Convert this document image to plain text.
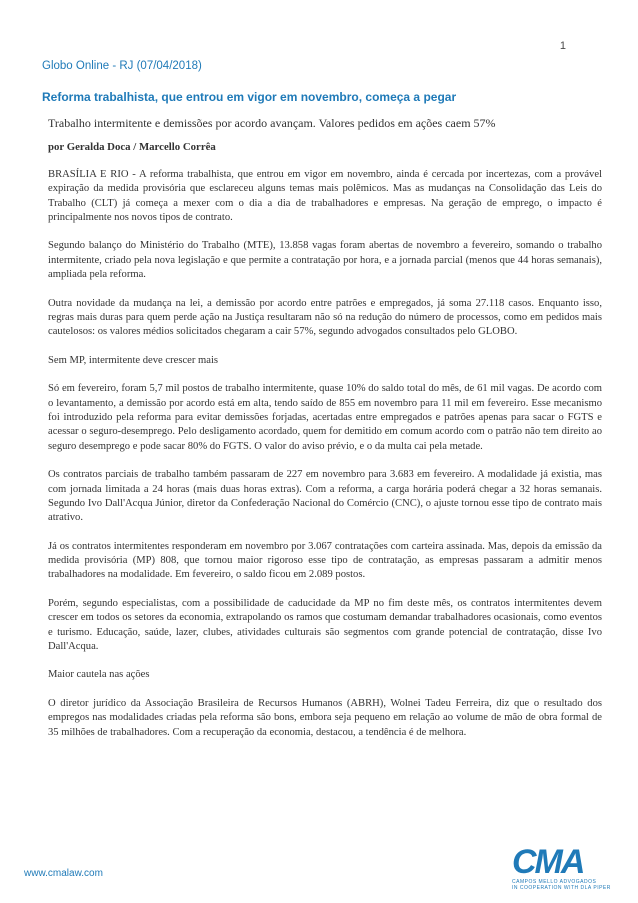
1
Globo Online - RJ (07/04/2018)
Reforma trabalhista, que entrou em vigor em novembro, começa a pegar
Trabalho intermitente e demissões por acordo avançam. Valores pedidos em ações caem 57%
por Geralda Doca / Marcello Corrêa

BRASÍLIA E RIO - A reforma trabalhista, que entrou em vigor em novembro, ainda é cercada por incertezas, com a provável expiração da medida provisória que esclareceu alguns temas mais polêmicos. Mas as mudanças na Consolidação das Leis do Trabalho (CLT) já começa a mexer com o dia a dia de trabalhadores e empresas. Na geração de emprego, o impacto é principalmente nos novos tipos de contrato.

Segundo balanço do Ministério do Trabalho (MTE), 13.858 vagas foram abertas de novembro a fevereiro, somando o trabalho intermitente, criado pela nova legislação e que permite a contratação por hora, e a jornada parcial (menos que 44 horas semanais), ampliada pela reforma.

Outra novidade da mudança na lei, a demissão por acordo entre patrões e empregados, já soma 27.118 casos. Enquanto isso, regras mais duras para quem perde ação na Justiça resultaram não só na redução do número de processos, como em pedidos mais cautelosos: os valores médios solicitados chegaram a cair 57%, segundo advogados consultados pelo GLOBO.

Sem MP, intermitente deve crescer mais

Só em fevereiro, foram 5,7 mil postos de trabalho intermitente, quase 10% do saldo total do mês, de 61 mil vagas. De acordo com o levantamento, a demissão por acordo está em alta, tendo saído de 855 em novembro para 11 mil em fevereiro. Esse mecanismo foi introduzido pela reforma para evitar demissões forjadas, acertadas entre empregados e patrões apenas para sacar o FGTS e acessar o seguro-desemprego. Pelo desligamento acordado, quem for demitido em comum acordo com o patrão não tem direito ao seguro desemprego e pode sacar 80% do FGTS. O valor do aviso prévio, e o da multa cai pela metade.

Os contratos parciais de trabalho também passaram de 227 em novembro para 3.683 em fevereiro. A modalidade já existia, mas com jornada limitada a 24 horas (mais duas horas extras). Com a reforma, a carga horária poderá chegar a 32 horas semanais. Segundo Ivo Dall'Acqua Júnior, diretor da Confederação Nacional do Comércio (CNC), o ajuste tornou esse tipo de contrato mais atrativo.

Já os contratos intermitentes responderam em novembro por 3.067 contratações com carteira assinada. Mas, depois da emissão da medida provisória (MP) 808, que tornou maior rigoroso esse tipo de contratação, as empresas passaram a admitir menos trabalhadores na modalidade. Em fevereiro, o saldo ficou em 2.089 postos.

Porém, segundo especialistas, com a possibilidade de caducidade da MP no fim deste mês, os contratos intermitentes devem crescer em todos os setores da economia, extrapolando os ramos que costumam demandar trabalhadores ocasionais, como eventos e turismo. Educação, saúde, lazer, clubes, atividades culturais são segmentos com grande potencial de contratação, disse Ivo Dall'Acqua.

Maior cautela nas ações

O diretor jurídico da Associação Brasileira de Recursos Humanos (ABRH), Wolnei Tadeu Ferreira, diz que o resultado dos empregos nas modalidades criadas pela reforma são bons, embora seja pequeno em relação ao volume de mão de obra formal de 35 milhões de trabalhadores. Com a recuperação da economia, destacou, a tendência é de melhora.

www.cmalaw.com	CMA
CAMPOS MELLO ADVOGADOS
IN COOPERATION WITH DLA PIPER
